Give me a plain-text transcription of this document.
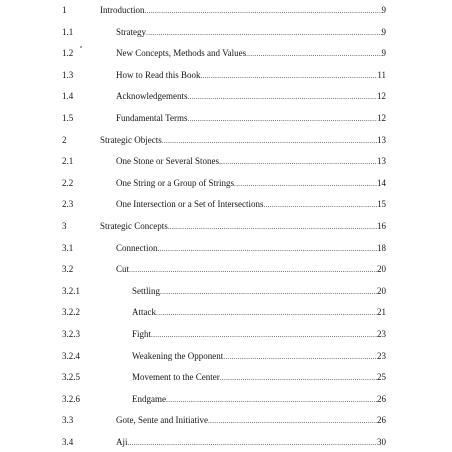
1	Introduction .....	9
1.1	Strategy .....	9
1.2	New Concepts, Methods and Values .....	9
1.3	How to Read this Book .....	11
1.4	Acknowledgements .....	12
1.5	Fundamental Terms .....	12
2	Strategic Objects .....	13
2.1	One Stone or Several Stones .....	13
2.2	One String or a Group of Strings .....	14
2.3	One Intersection or a Set of Intersections .....	15
3	Strategic Concepts .....	16
3.1	Connection .....	18
3.2	Cut .....	20
3.2.1	Settling .....	20
3.2.2	Attack .....	21
3.2.3	Fight .....	23
3.2.4	Weakening the Opponent .....	23
3.2.5	Movement to the Center .....	25
3.2.6	Endgame .....	26
3.3	Gote, Sente and Initiative .....	26
3.4	Aji .....	30
